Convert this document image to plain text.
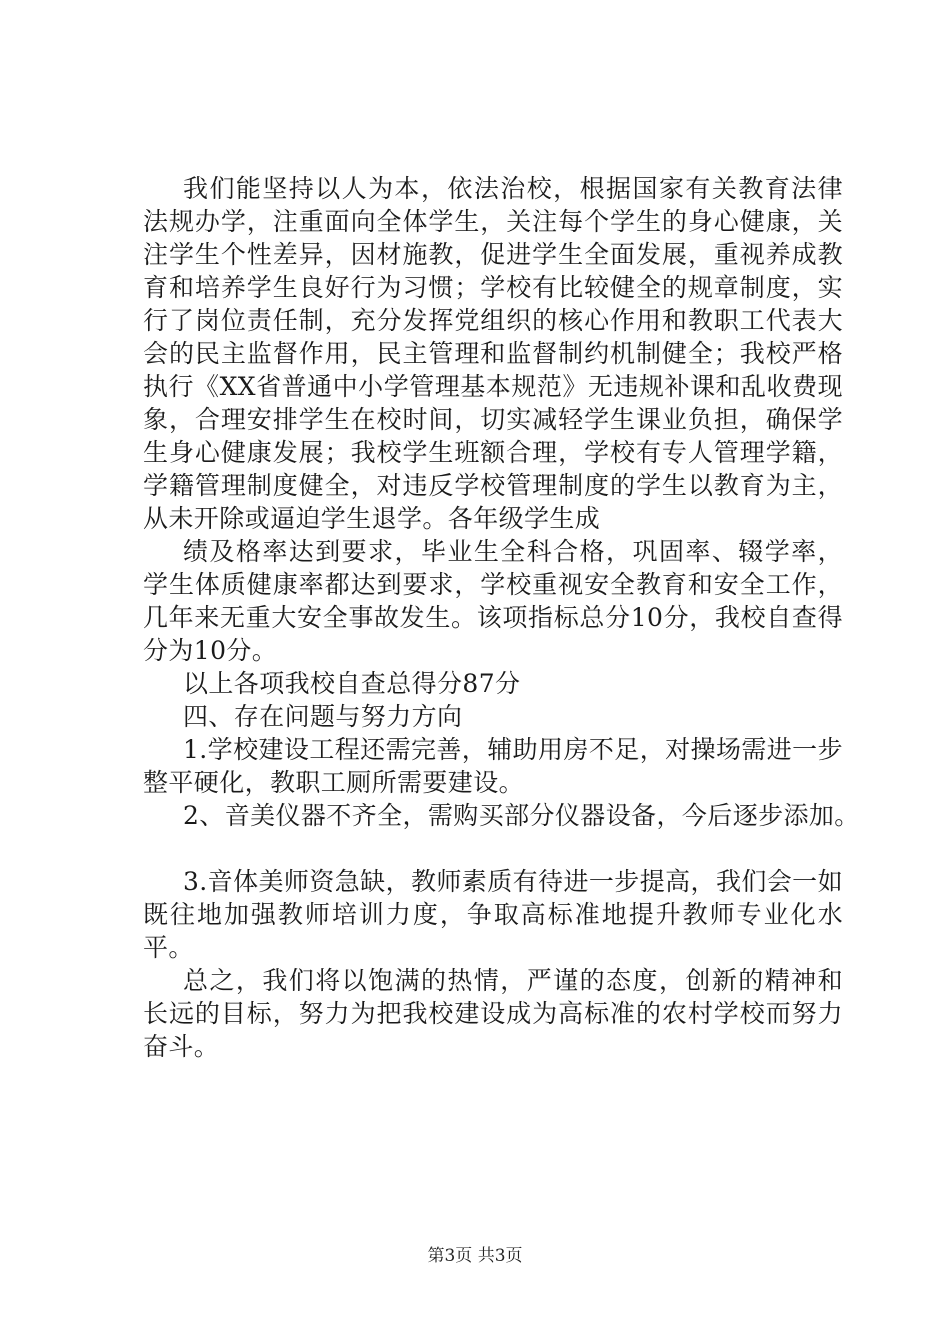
我们能坚持以人为本，依法治校，根据国家有关教育法律法规办学，注重面向全体学生，关注每个学生的身心健康，关注学生个性差异，因材施教，促进学生全面发展，重视养成教育和培养学生良好行为习惯；学校有比较健全的规章制度，实行了岗位责任制，充分发挥党组织的核心作用和教职工代表大会的民主监督作用，民主管理和监督制约机制健全；我校严格执行《XX省普通中小学管理基本规范》无违规补课和乱收费现象，合理安排学生在校时间，切实减轻学生课业负担，确保学生身心健康发展；我校学生班额合理，学校有专人管理学籍，学籍管理制度健全，对违反学校管理制度的学生以教育为主，从未开除或逼迫学生退学。各年级学生成

绩及格率达到要求，毕业生全科合格，巩固率、辍学率，学生体质健康率都达到要求，学校重视安全教育和安全工作，几年来无重大安全事故发生。该项指标总分10分，我校自查得分为10分。

以上各项我校自查总得分87分

四、存在问题与努力方向

1.学校建设工程还需完善，辅助用房不足，对操场需进一步整平硬化，教职工厕所需要建设。

2、音美仪器不齐全，需购买部分仪器设备，今后逐步添加。

3.音体美师资急缺，教师素质有待进一步提高，我们会一如既往地加强教师培训力度，争取高标准地提升教师专业化水平。

总之，我们将以饱满的热情，严谨的态度，创新的精神和长远的目标，努力为把我校建设成为高标准的农村学校而努力奋斗。

第3页 共3页
